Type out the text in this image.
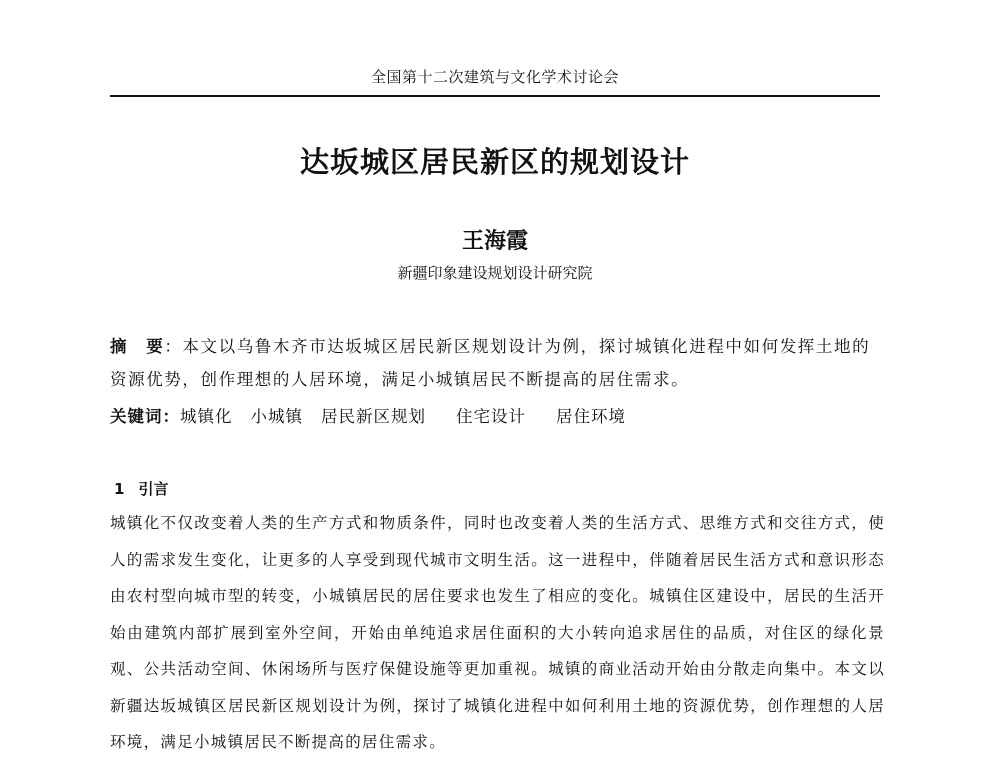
全国第十二次建筑与文化学术讨论会
达坂城区居民新区的规划设计
王海霞
新疆印象建设规划设计研究院
摘　要：本文以乌鲁木齐市达坂城区居民新区规划设计为例，探讨城镇化进程中如何发挥土地的资源优势，创作理想的人居环境，满足小城镇居民不断提高的居住需求。
关键词：城镇化 小城镇 居民新区规划 住宅设计 居住环境
1 引言
城镇化不仅改变着人类的生产方式和物质条件，同时也改变着人类的生活方式、思维方式和交往方式，使人的需求发生变化，让更多的人享受到现代城市文明生活。这一进程中，伴随着居民生活方式和意识形态由农村型向城市型的转变，小城镇居民的居住要求也发生了相应的变化。城镇住区建设中，居民的生活开始由建筑内部扩展到室外空间，开始由单纯追求居住面积的大小转向追求居住的品质，对住区的绿化景观、公共活动空间、休闲场所与医疗保健设施等更加重视。城镇的商业活动开始由分散走向集中。本文以新疆达坂城镇区居民新区规划设计为例，探讨了城镇化进程中如何利用土地的资源优势，创作理想的人居环境，满足小城镇居民不断提高的居住需求。
